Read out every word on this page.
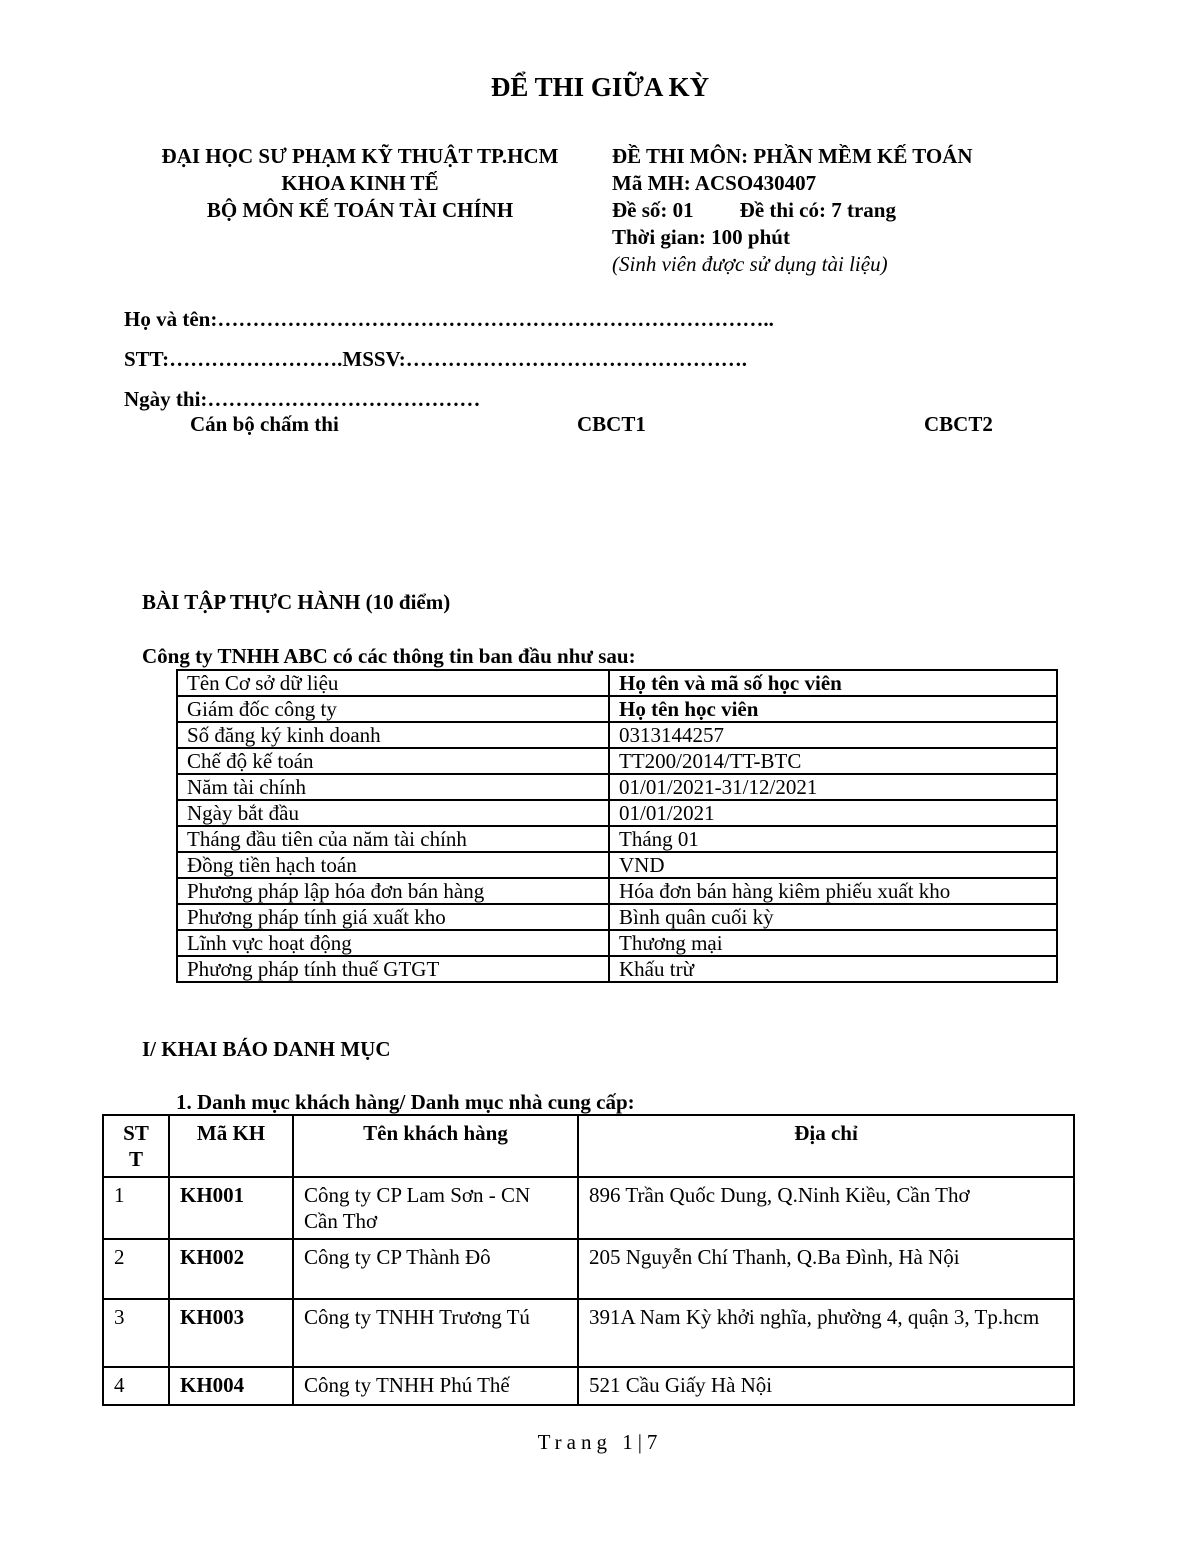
ĐỂ THI GIỮA KỲ
ĐẠI HỌC SƯ PHẠM KỸ THUẬT TP.HCM
KHOA KINH TẾ
BỘ MÔN KẾ TOÁN TÀI CHÍNH
ĐỀ THI MÔN: PHẦN MỀM KẾ TOÁN
Mã MH: ACSO430407
Đề số: 01 Đề thi có: 7 trang
Thời gian: 100 phút
(Sinh viên được sử dụng tài liệu)
Họ và tên:……………………………………………………………………..
STT:…………………….MSSV:………………………………………….
Ngày thi:…………………………………
Cán bộ chấm thi	CBCT1	CBCT2
BÀI TẬP THỰC HÀNH (10 điểm)
Công ty TNHH ABC có các thông tin ban đầu như sau:
Tên Cơ sở dữ liệu	Họ tên và mã số học viên
Giám đốc công ty	Họ tên học viên
Số đăng ký kinh doanh	0313144257
Chế độ kế toán	TT200/2014/TT-BTC
Năm tài chính	01/01/2021-31/12/2021
Ngày bắt đầu	01/01/2021
Tháng đầu tiên của năm tài chính	Tháng 01
Đồng tiền hạch toán	VND
Phương pháp lập hóa đơn bán hàng	Hóa đơn bán hàng kiêm phiếu xuất kho
Phương pháp tính giá xuất kho	Bình quân cuối kỳ
Lĩnh vực hoạt động	Thương mại
Phương pháp tính thuế GTGT	Khấu trừ
I/ KHAI BÁO DANH MỤC
1. Danh mục khách hàng/ Danh mục nhà cung cấp:
ST T	Mã KH	Tên khách hàng	Địa chỉ
1	KH001	Công ty CP Lam Sơn - CN Cần Thơ	896 Trần Quốc Dung, Q.Ninh Kiều, Cần Thơ
2	KH002	Công ty CP Thành Đô	205 Nguyễn Chí Thanh, Q.Ba Đình, Hà Nội
3	KH003	Công ty TNHH Trương Tú	391A Nam Kỳ khởi nghĩa, phường 4, quận 3, Tp.hcm
4	KH004	Công ty TNHH Phú Thế	521 Cầu Giấy Hà Nội
Trang 1|7
